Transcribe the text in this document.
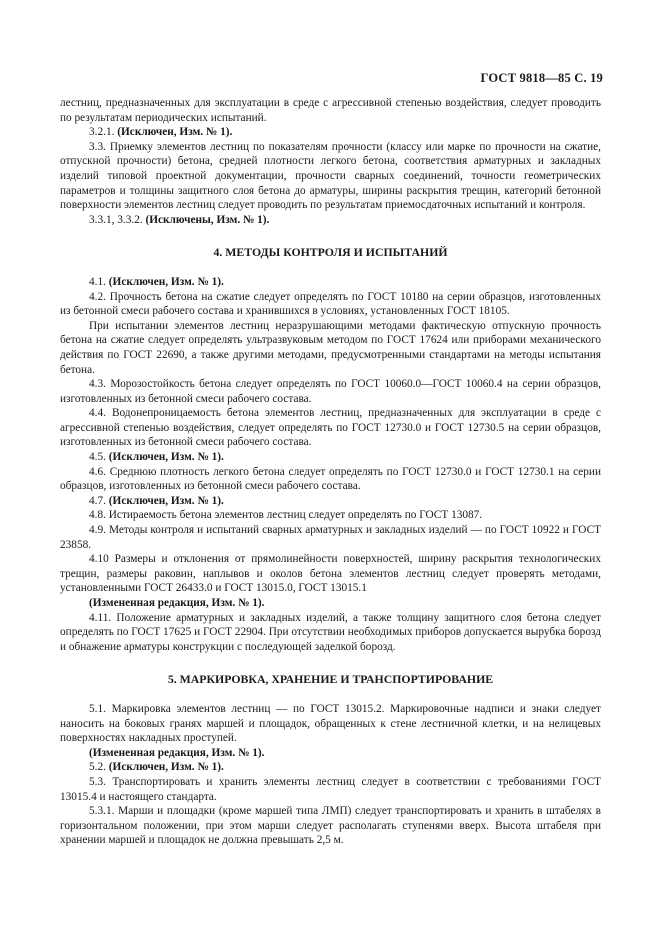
ГОСТ 9818—85 С. 19
лестниц, предназначенных для эксплуатации в среде с агрессивной степенью воздействия, следует проводить по результатам периодических испытаний.
3.2.1. (Исключен, Изм. № 1).
3.3. Приемку элементов лестниц по показателям прочности (классу или марке по прочности на сжатие, отпускной прочности) бетона, средней плотности легкого бетона, соответствия арматурных и закладных изделий типовой проектной документации, прочности сварных соединений, точности геометрических параметров и толщины защитного слоя бетона до арматуры, ширины раскрытия трещин, категорий бетонной поверхности элементов лестниц следует проводить по результатам приемосдаточных испытаний и контроля.
3.3.1, 3.3.2. (Исключены, Изм. № 1).
4. МЕТОДЫ КОНТРОЛЯ И ИСПЫТАНИЙ
4.1. (Исключен, Изм. № 1).
4.2. Прочность бетона на сжатие следует определять по ГОСТ 10180 на серии образцов, изготовленных из бетонной смеси рабочего состава и хранившихся в условиях, установленных ГОСТ 18105.
При испытании элементов лестниц неразрушающими методами фактическую отпускную прочность бетона на сжатие следует определять ультразвуковым методом по ГОСТ 17624 или приборами механического действия по ГОСТ 22690, а также другими методами, предусмотренными стандартами на методы испытания бетона.
4.3. Морозостойкость бетона следует определять по ГОСТ 10060.0—ГОСТ 10060.4 на серии образцов, изготовленных из бетонной смеси рабочего состава.
4.4. Водонепроницаемость бетона элементов лестниц, предназначенных для эксплуатации в среде с агрессивной степенью воздействия, следует определять по ГОСТ 12730.0 и ГОСТ 12730.5 на серии образцов, изготовленных из бетонной смеси рабочего состава.
4.5. (Исключен, Изм. № 1).
4.6. Среднюю плотность легкого бетона следует определять по ГОСТ 12730.0 и ГОСТ 12730.1 на серии образцов, изготовленных из бетонной смеси рабочего состава.
4.7. (Исключен, Изм. № 1).
4.8. Истираемость бетона элементов лестниц следует определять по ГОСТ 13087.
4.9. Методы контроля и испытаний сварных арматурных и закладных изделий — по ГОСТ 10922 и ГОСТ 23858.
4.10 Размеры и отклонения от прямолинейности поверхностей, ширину раскрытия технологических трещин, размеры раковин, наплывов и околов бетона элементов лестниц следует проверять методами, установленными ГОСТ 26433.0 и ГОСТ 13015.0, ГОСТ 13015.1
(Измененная редакция, Изм. № 1).
4.11. Положение арматурных и закладных изделий, а также толщину защитного слоя бетона следует определять по ГОСТ 17625 и ГОСТ 22904. При отсутствии необходимых приборов допускается вырубка борозд и обнажение арматуры конструкции с последующей заделкой борозд.
5. МАРКИРОВКА, ХРАНЕНИЕ И ТРАНСПОРТИРОВАНИЕ
5.1. Маркировка элементов лестниц — по ГОСТ 13015.2. Маркировочные надписи и знаки следует наносить на боковых гранях маршей и площадок, обращенных к стене лестничной клетки, и на нелицевых поверхностях накладных проступей.
(Измененная редакция, Изм. № 1).
5.2. (Исключен, Изм. № 1).
5.3. Транспортировать и хранить элементы лестниц следует в соответствии с требованиями ГОСТ 13015.4 и настоящего стандарта.
5.3.1. Марши и площадки (кроме маршей типа ЛМП) следует транспортировать и хранить в штабелях в горизонтальном положении, при этом марши следует располагать ступенями вверх. Высота штабеля при хранении маршей и площадок не должна превышать 2,5 м.
